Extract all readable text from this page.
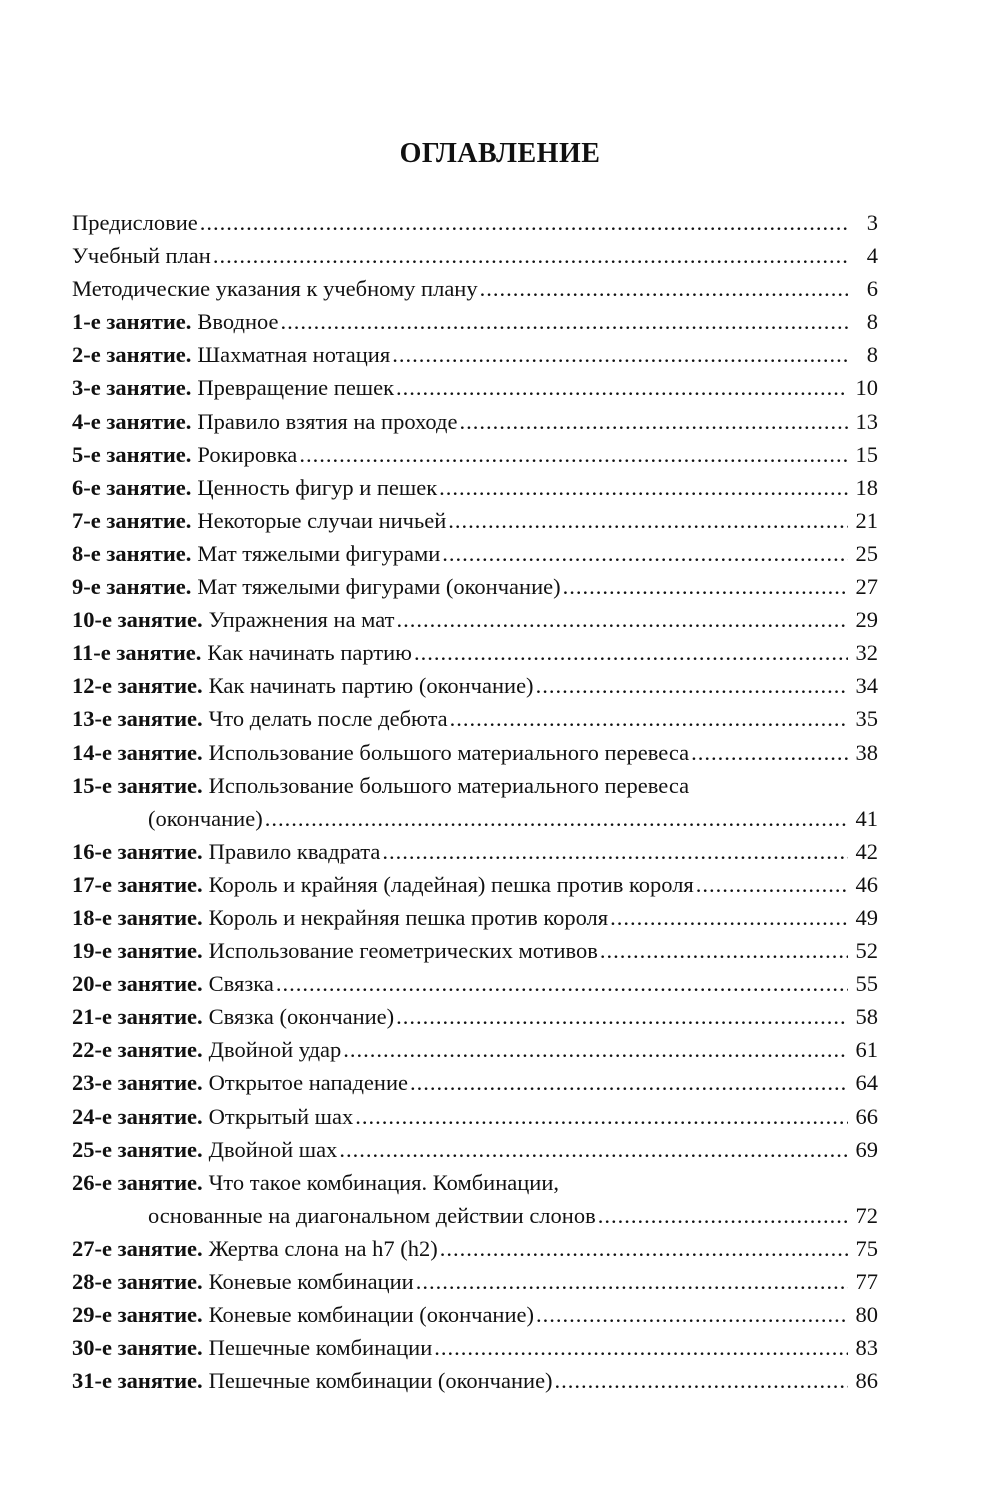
ОГЛАВЛЕНИЕ
Предисловие .....	3
Учебный план .....	4
Методические указания к учебному плану .....	6
1-е занятие. Вводное .....	8
2-е занятие. Шахматная нотация .....	8
3-е занятие. Превращение пешек .....	10
4-е занятие. Правило взятия на проходе .....	13
5-е занятие. Рокировка .....	15
6-е занятие. Ценность фигур и пешек .....	18
7-е занятие. Некоторые случаи ничьей .....	21
8-е занятие. Мат тяжелыми фигурами .....	25
9-е занятие. Мат тяжелыми фигурами (окончание) .....	27
10-е занятие. Упражнения на мат .....	29
11-е занятие. Как начинать партию .....	32
12-е занятие. Как начинать партию (окончание) .....	34
13-е занятие. Что делать после дебюта .....	35
14-е занятие. Использование большого материального перевеса .....	38
15-е занятие. Использование большого материального перевеса
(окончание) .....	41
16-е занятие. Правило квадрата .....	42
17-е занятие. Король и крайняя (ладейная) пешка против короля .....	46
18-е занятие. Король и некрайняя пешка против короля .....	49
19-е занятие. Использование геометрических мотивов .....	52
20-е занятие. Связка .....	55
21-е занятие. Связка (окончание) .....	58
22-е занятие. Двойной удар .....	61
23-е занятие. Открытое нападение .....	64
24-е занятие. Открытый шах .....	66
25-е занятие. Двойной шах .....	69
26-е занятие. Что такое комбинация. Комбинации,
основанные на диагональном действии слонов .....	72
27-е занятие. Жертва слона на h7 (h2) .....	75
28-е занятие. Коневые комбинации .....	77
29-е занятие. Коневые комбинации (окончание) .....	80
30-е занятие. Пешечные комбинации .....	83
31-е занятие. Пешечные комбинации (окончание) .....	86
